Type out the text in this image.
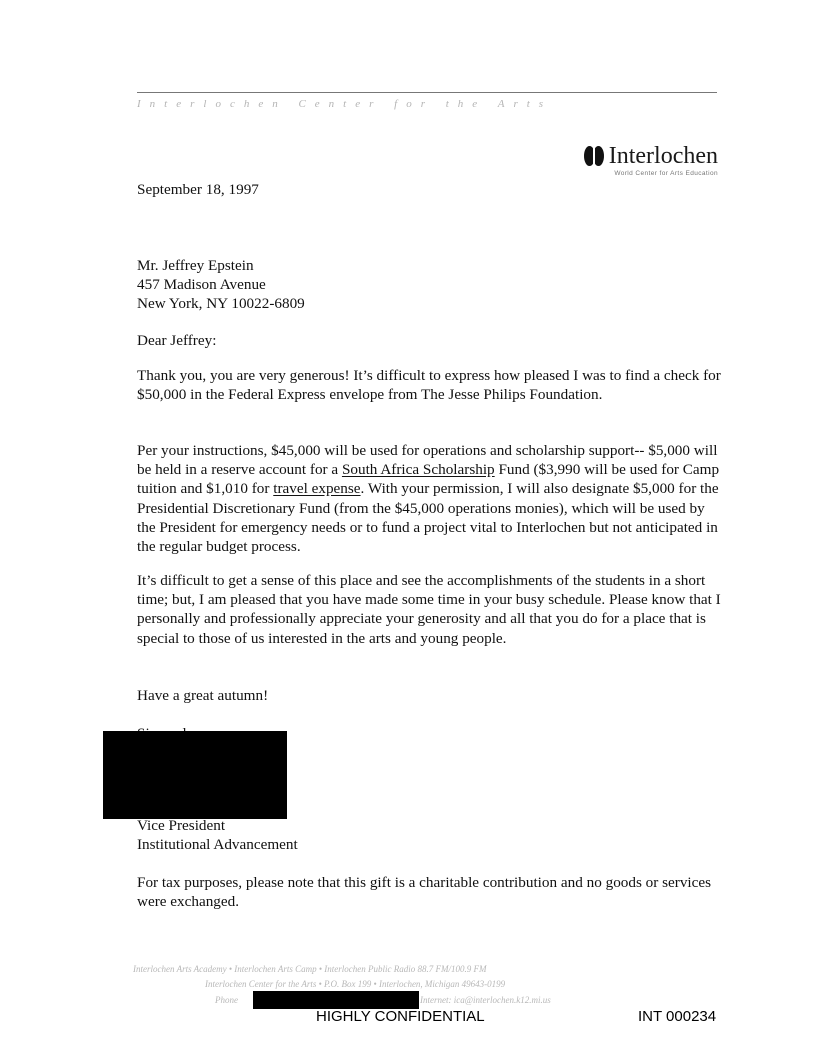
Interlochen Center for the Arts
Interlochen
World Center for Arts Education
September 18, 1997
Mr. Jeffrey Epstein
457 Madison Avenue
New York, NY 10022-6809
Dear Jeffrey:

Thank you, you are very generous! It’s difficult to express how pleased I was to find a check for $50,000 in the Federal Express envelope from The Jesse Philips Foundation.

Per your instructions, $45,000 will be used for operations and scholarship support-- $5,000 will be held in a reserve account for a South Africa Scholarship Fund ($3,990 will be used for Camp tuition and $1,010 for travel expense. With your permission, I will also designate $5,000 for the Presidential Discretionary Fund (from the $45,000 operations monies), which will be used by the President for emergency needs or to fund a project vital to Interlochen but not anticipated in the regular budget process.

It’s difficult to get a sense of this place and see the accomplishments of the students in a short time; but, I am pleased that you have made some time in your busy schedule. Please know that I personally and professionally appreciate your generosity and all that you do for a place that is special to those of us interested in the arts and young people.

Have a great autumn!
Vice President
Institutional Advancement

For tax purposes, please note that this gift is a charitable contribution and no goods or services were exchanged.

Interlochen Arts Academy • Interlochen Arts Camp • Interlochen Public Radio 88.7 FM/100.9 FM
Interlochen Center for the Arts • P.O. Box 199 • Interlochen, Michigan 49643-0199
Phone	Internet: ica@interlochen.k12.mi.us
HIGHLY CONFIDENTIAL	INT 000234
